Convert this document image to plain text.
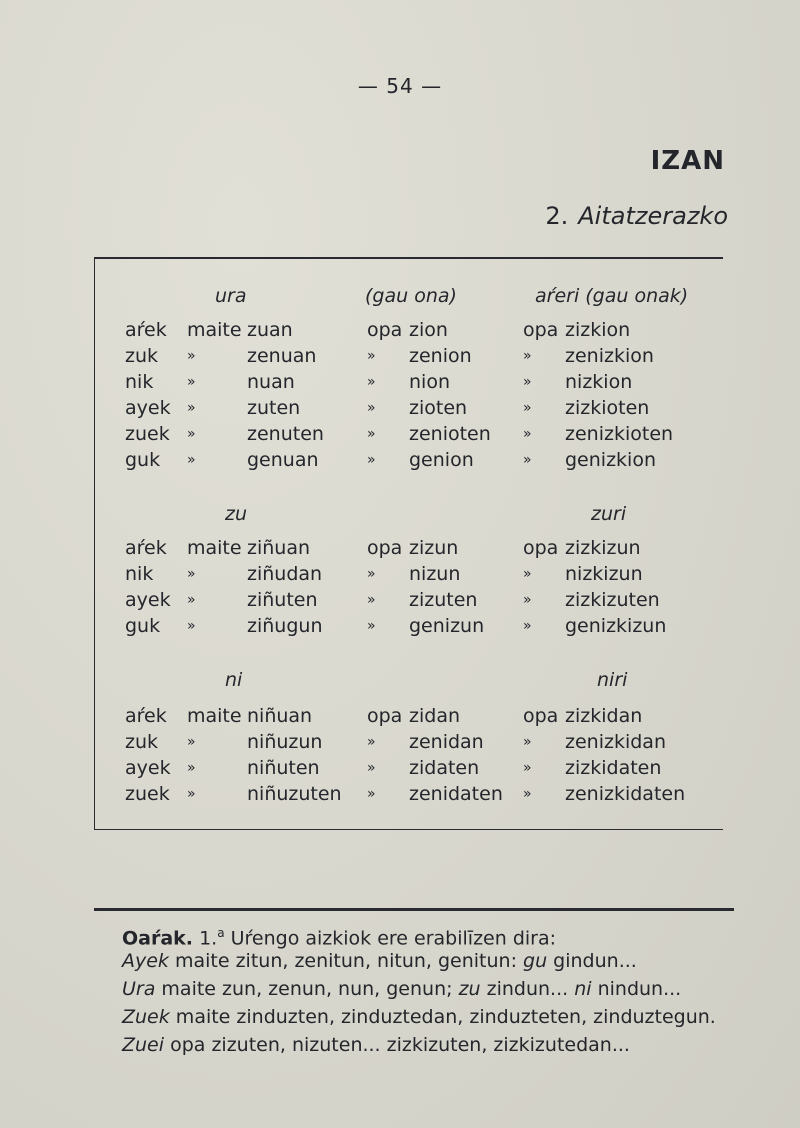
— 54 —
IZAN
2. Aitatzerazko
ura	(gau ona)	aŕeri (gau onak)
aŕek maite zuan	opa zion	opa zizkion
zuk »	zenuan	» zenion	» zenizkion
nik »	nuan	» nion	» nizkion
ayek »	zuten	» zioten	» zizkioten
zuek »	zenuten	» zenioten » zenizkioten
guk »	genuan	» genion	» genizkion
zu	zuri
aŕek maite ziñuan	opa zizun	opa zizkizun
nik »	ziñudan	» nizun	» nizkizun
ayek »	ziñuten	» zizuten	» zizkizuten
guk »	ziñugun	» genizun	» genizkizun
ni	niri
aŕek maite niñuan	opa zidan	opa zizkidan
zuk »	niñuzun	» zenidan	» zenizkidan
ayek »	niñuten	» zidaten	» zizkidaten
zuek »	niñuzuten » zenidaten » zenizkidaten
Oaŕak. 1.$^a$ Uŕengo aizkiok ere erabilīzen dira:
Ayek maite zitun, zenitun, nitun, genitun: gu gindun...
Ura maite zun, zenun, nun, genun; zu zindun... ni nindun...
Zuek maite zinduzten, zinduztedan, zinduzteten, zinduztegun.
Zuei opa zizuten, nizuten... zizkizuten, zizkizutedan...
